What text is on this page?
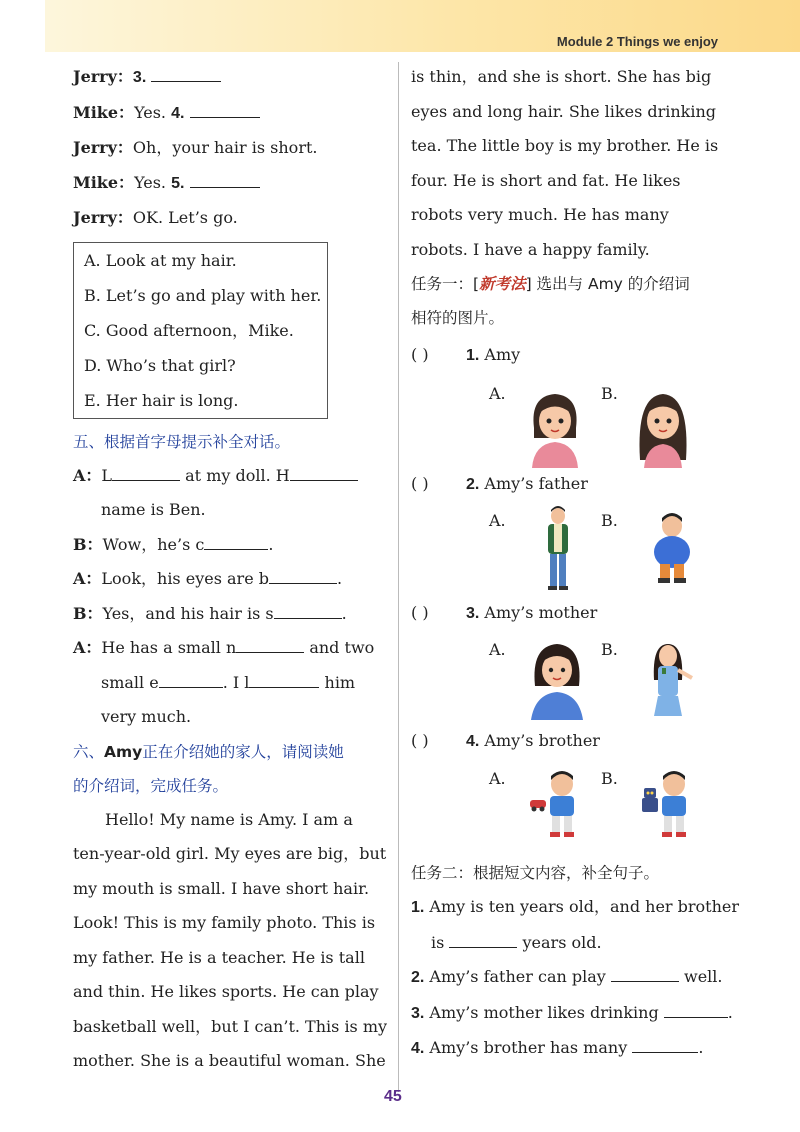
Module 2 Things we enjoy
Jerry：3.
Mike：Yes. 4.
Jerry：Oh，your hair is short.
Mike：Yes. 5.
Jerry：OK. Let’s go.
A. Look at my hair.
B. Let’s go and play with her.
C. Good afternoon，Mike.
D. Who’s that girl?
E. Her hair is long.
五、根据首字母提示补全对话。
A：L	at my doll. H
name is Ben.
B：Wow，he’s c	.
A：Look，his eyes are b	.
B：Yes，and his hair is s	.
A：He has a small n	and two
small e	. I l	him
very much.
六、Amy正在介绍她的家人，请阅读她
的介绍词，完成任务。

Hello! My name is Amy. I am a

ten-year-old girl. My eyes are big，but

my mouth is small. I have short hair.

Look! This is my family photo. This is

my father. He is a teacher. He is tall

and thin. He likes sports. He can play

basketball well，but I can’t. This is my

mother. She is a beautiful woman. She

is thin，and she is short. She has big

eyes and long hair. She likes drinking

tea. The little boy is my brother. He is

four. He is short and fat. He likes

robots very much. He has many

robots. I have a happy family.

任务一：[新考法] 选出与 Amy 的介绍词
相符的图片。
( ) 1. Amy
A.	B.
( ) 2. Amy’s father
A.	B.
( ) 3. Amy’s mother
A.	B.
( ) 4. Amy’s brother
A.	B.
任务二：根据短文内容，补全句子。
1. Amy is ten years old，and her brother
is	years old.
2. Amy’s father can play	well.
3. Amy’s mother likes drinking	.
4. Amy’s brother has many	.
45
